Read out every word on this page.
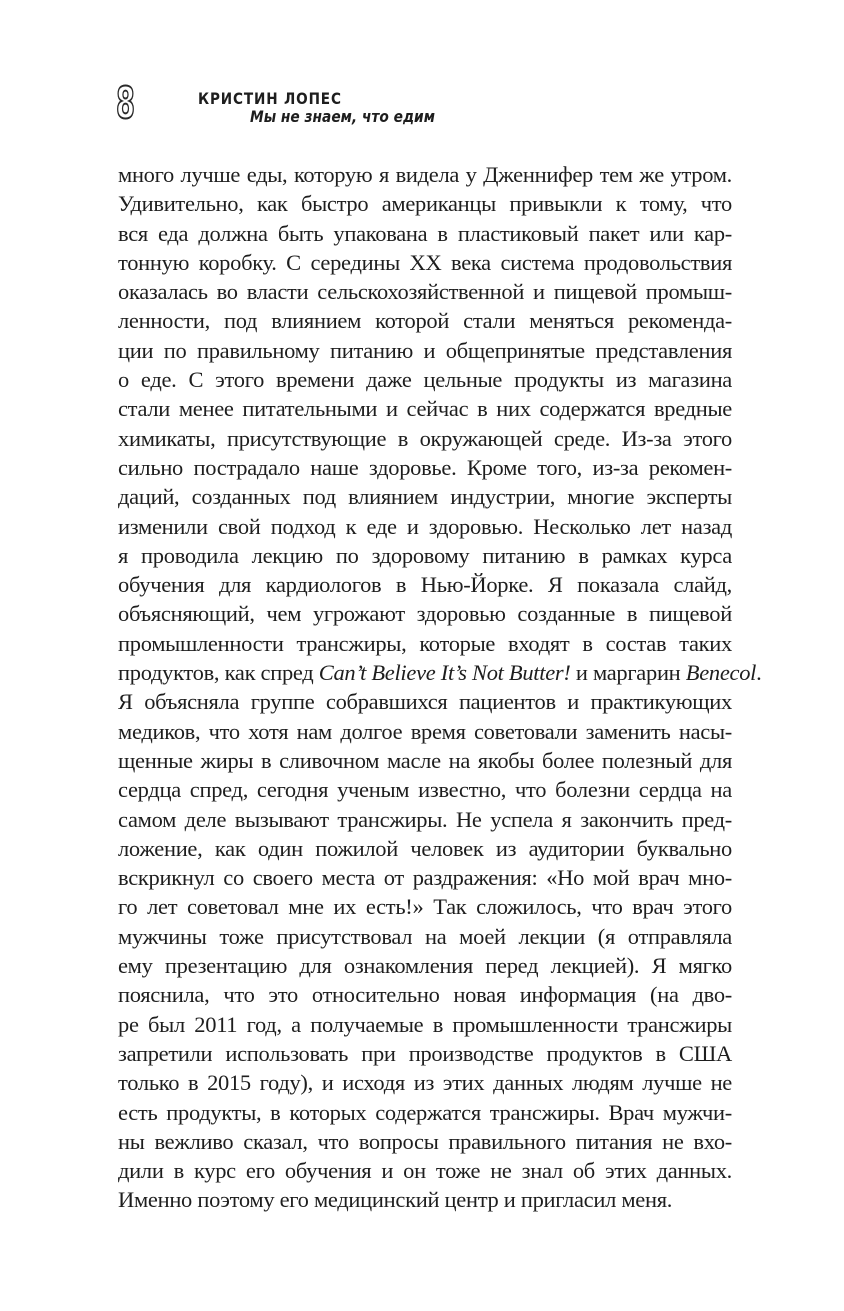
8	КРИСТИН ЛОПЕС
Мы не знаем, что едим
много лучше еды, которую я видела у Дженнифер тем же утром.
Удивительно, как быстро американцы привыкли к тому, что
вся еда должна быть упакована в пластиковый пакет или кар-
тонную коробку. С середины XX века система продовольствия
оказалась во власти сельскохозяйственной и пищевой промыш-
ленности, под влиянием которой стали меняться рекоменда-
ции по правильному питанию и общепринятые представления
о еде. С этого времени даже цельные продукты из магазина
стали менее питательными и сейчас в них содержатся вредные
химикаты, присутствующие в окружающей среде. Из-за этого
сильно пострадало наше здоровье. Кроме того, из-за рекомен-
даций, созданных под влиянием индустрии, многие эксперты
изменили свой подход к еде и здоровью. Несколько лет назад
я проводила лекцию по здоровому питанию в рамках курса
обучения для кардиологов в Нью-Йорке. Я показала слайд,
объясняющий, чем угрожают здоровью созданные в пищевой
промышленности трансжиры, которые входят в состав таких
продуктов, как спред Can’t Believe It’s Not Butter! и маргарин Benecol.
Я объясняла группе собравшихся пациентов и практикующих
медиков, что хотя нам долгое время советовали заменить насы-
щенные жиры в сливочном масле на якобы более полезный для
сердца спред, сегодня ученым известно, что болезни сердца на
самом деле вызывают трансжиры. Не успела я закончить пред-
ложение, как один пожилой человек из аудитории буквально
вскрикнул со своего места от раздражения: «Но мой врач мно-
го лет советовал мне их есть!» Так сложилось, что врач этого
мужчины тоже присутствовал на моей лекции (я отправляла
ему презентацию для ознакомления перед лекцией). Я мягко
пояснила, что это относительно новая информация (на дво-
ре был 2011 год, а получаемые в промышленности трансжиры
запретили использовать при производстве продуктов в США
только в 2015 году), и исходя из этих данных людям лучше не
есть продукты, в которых содержатся трансжиры. Врач мужчи-
ны вежливо сказал, что вопросы правильного питания не вхо-
дили в курс его обучения и он тоже не знал об этих данных.
Именно поэтому его медицинский центр и пригласил меня.
